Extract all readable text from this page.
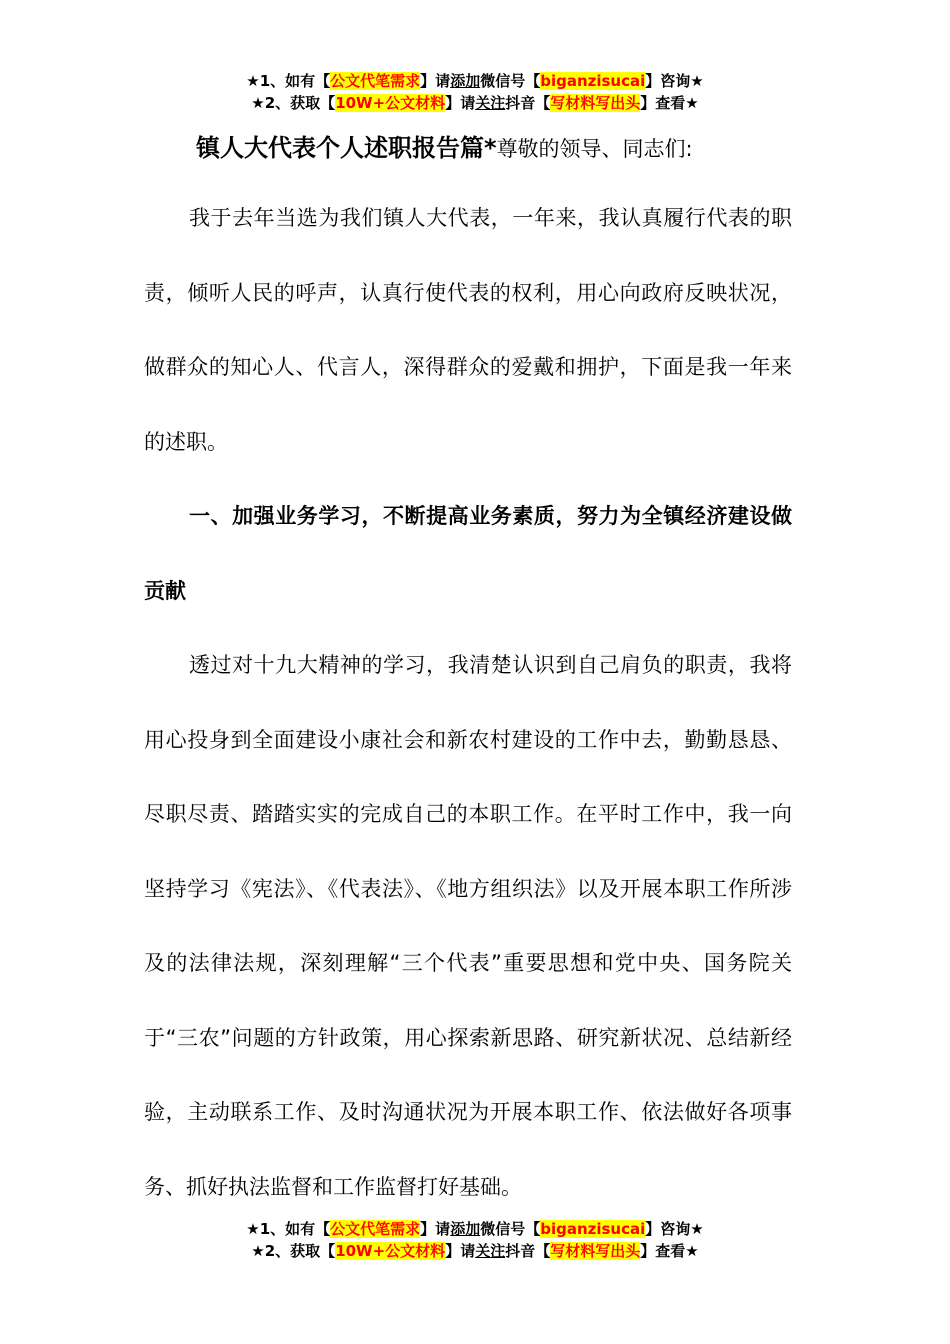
★1、如有【公文代笔需求】请添加微信号【biganzisucai】咨询★
★2、获取【10W+公文材料】请关注抖音【写材料写出头】查看★
镇人大代表个人述职报告篇*尊敬的领导、同志们:

我于去年当选为我们镇人大代表，一年来，我认真履行代表的职责，倾听人民的呼声，认真行使代表的权利，用心向政府反映状况，做群众的知心人、代言人，深得群众的爱戴和拥护，下面是我一年来的述职。

一、加强业务学习，不断提高业务素质，努力为全镇经济建设做贡献

透过对十九大精神的学习，我清楚认识到自己肩负的职责，我将用心投身到全面建设小康社会和新农村建设的工作中去，勤勤恳恳、尽职尽责、踏踏实实的完成自己的本职工作。在平时工作中，我一向坚持学习《宪法》、《代表法》、《地方组织法》以及开展本职工作所涉及的法律法规，深刻理解“三个代表”重要思想和党中央、国务院关于“三农”问题的方针政策，用心探索新思路、研究新状况、总结新经验，主动联系工作、及时沟通状况为开展本职工作、依法做好各项事务、抓好执法监督和工作监督打好基础。

★1、如有【公文代笔需求】请添加微信号【biganzisucai】咨询★
★2、获取【10W+公文材料】请关注抖音【写材料写出头】查看★
